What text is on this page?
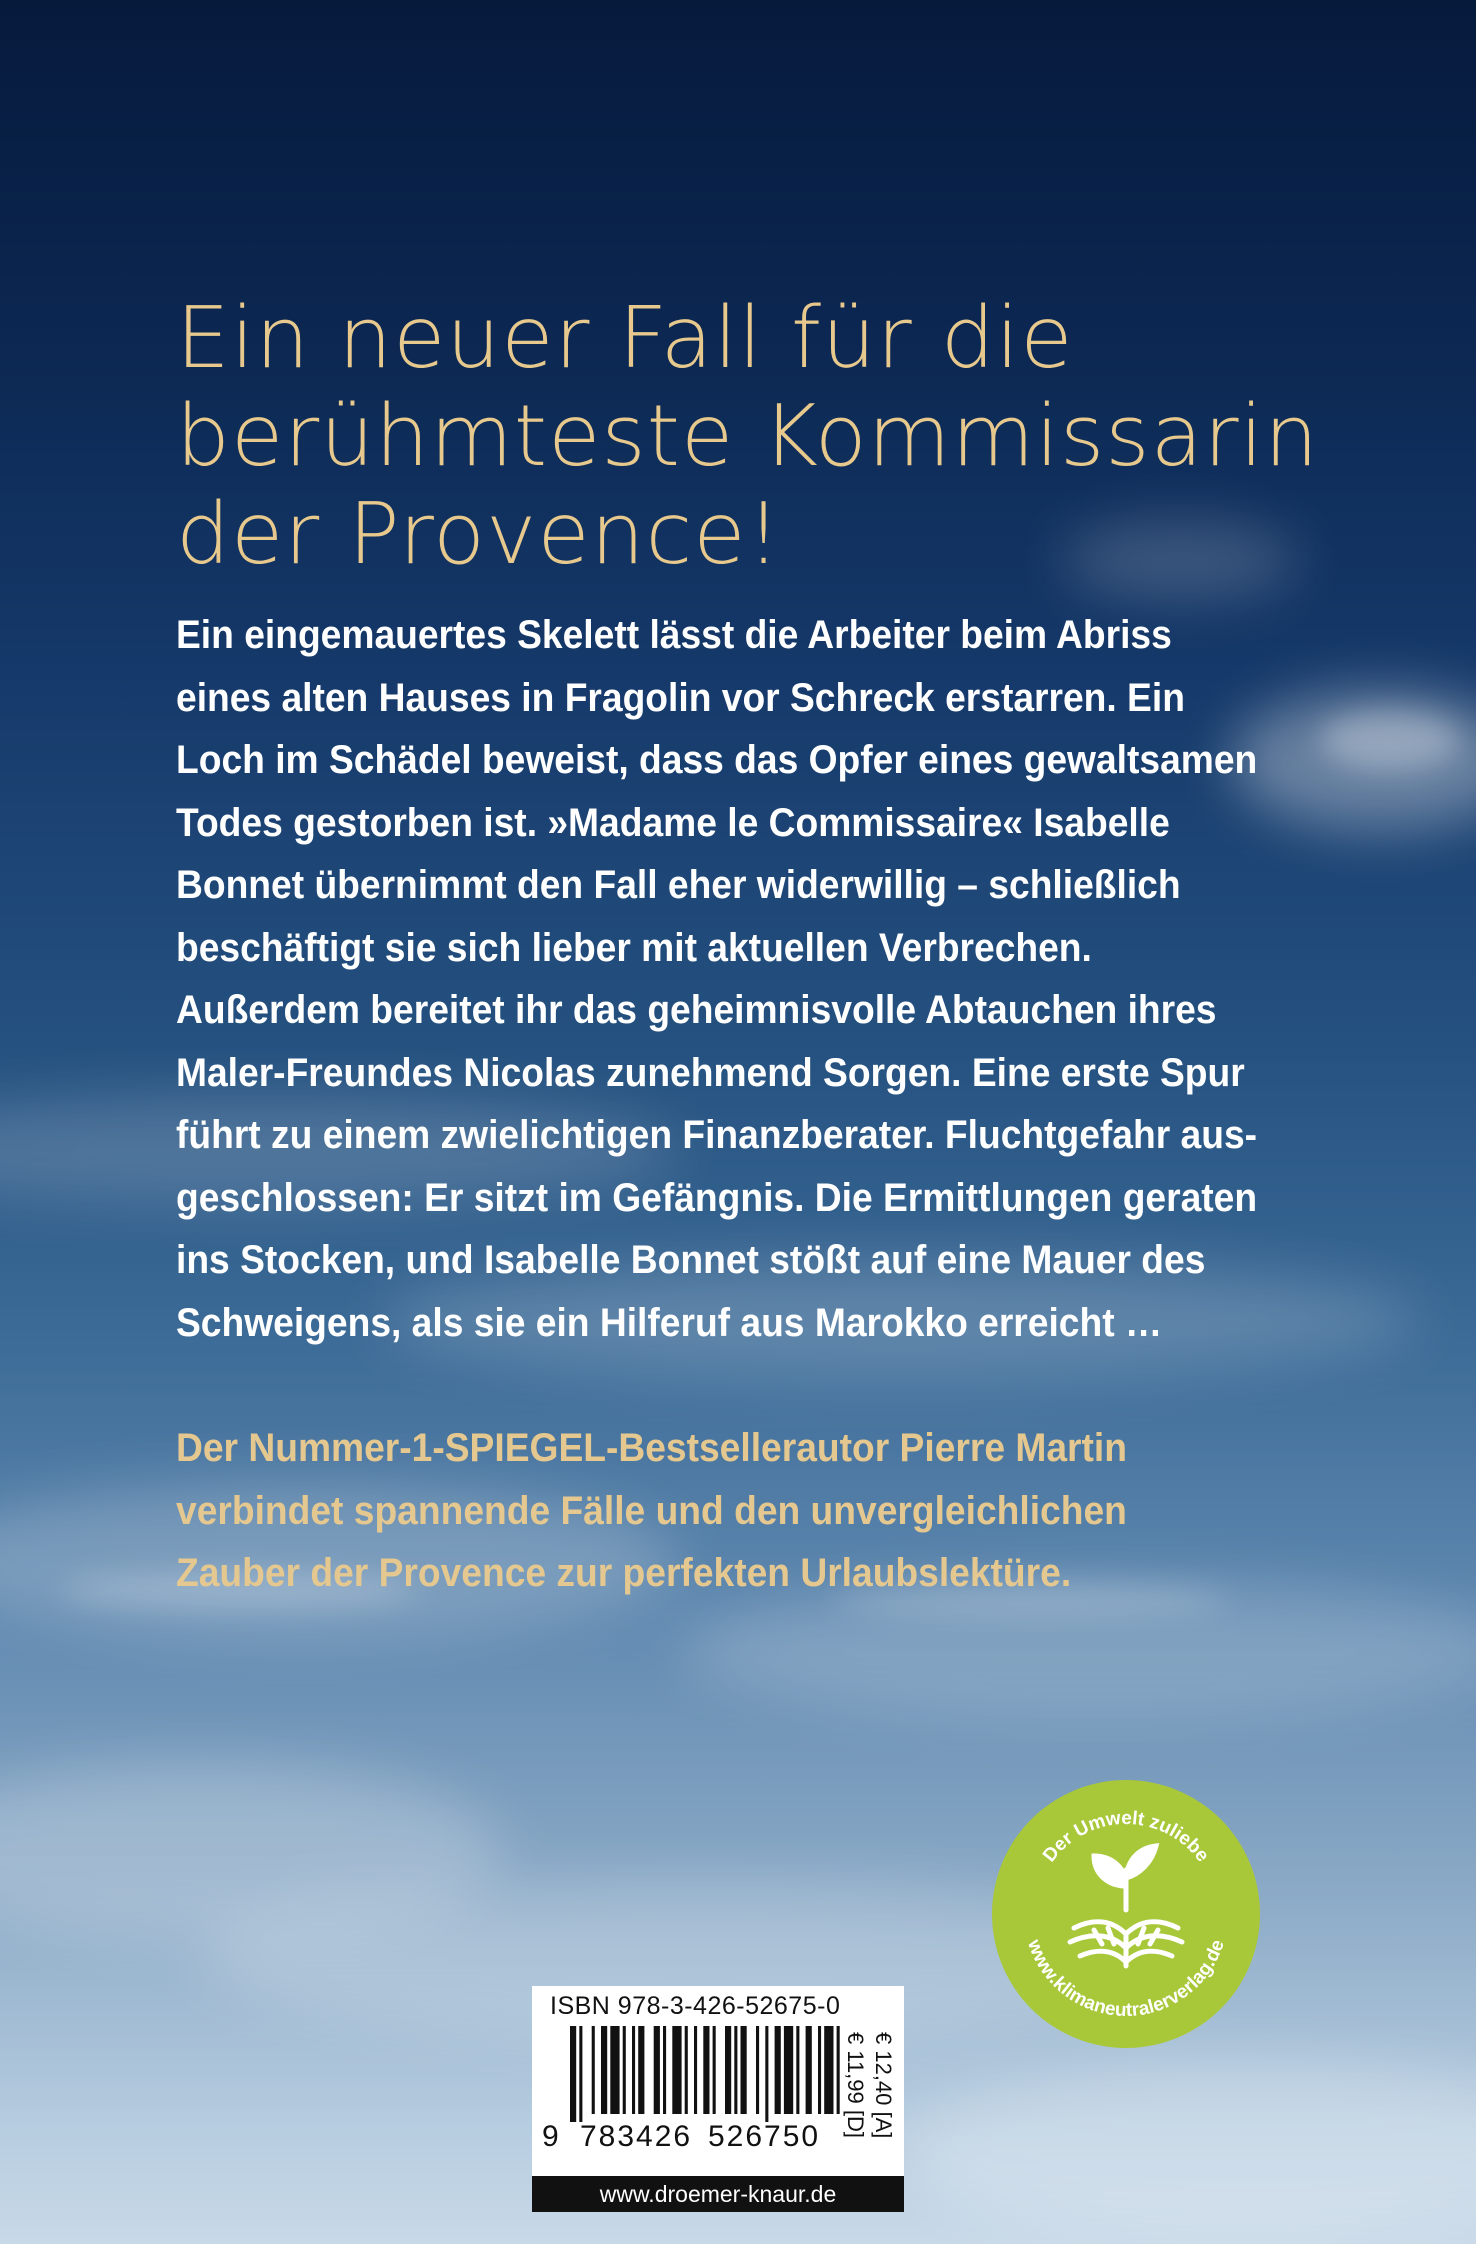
Ein neuer Fall für die
berühmteste Kommissarin
der Provence!
Ein eingemauertes Skelett lässt die Arbeiter beim Abriss
eines alten Hauses in Fragolin vor Schreck erstarren. Ein
Loch im Schädel beweist, dass das Opfer eines gewaltsamen
Todes gestorben ist. »Madame le Commissaire« Isabelle
Bonnet übernimmt den Fall eher widerwillig – schließlich
beschäftigt sie sich lieber mit aktuellen Verbrechen.
Außerdem bereitet ihr das geheimnisvolle Abtauchen ihres
Maler-Freundes Nicolas zunehmend Sorgen. Eine erste Spur
führt zu einem zwielichtigen Finanzberater. Fluchtgefahr aus-
geschlossen: Er sitzt im Gefängnis. Die Ermittlungen geraten
ins Stocken, und Isabelle Bonnet stößt auf eine Mauer des
Schweigens, als sie ein Hilferuf aus Marokko erreicht …
Der Nummer-1-SPIEGEL-Bestsellerautor Pierre Martin
verbindet spannende Fälle und den unvergleichlichen
Zauber der Provence zur perfekten Urlaubslektüre.
ISBN 978-3-426-52675-0
9 783426 526750 € 11,99 [D] € 12,40 [A]
www.droemer-knaur.de
Der Umwelt zuliebe
www.klimaneutralerverlag.de
